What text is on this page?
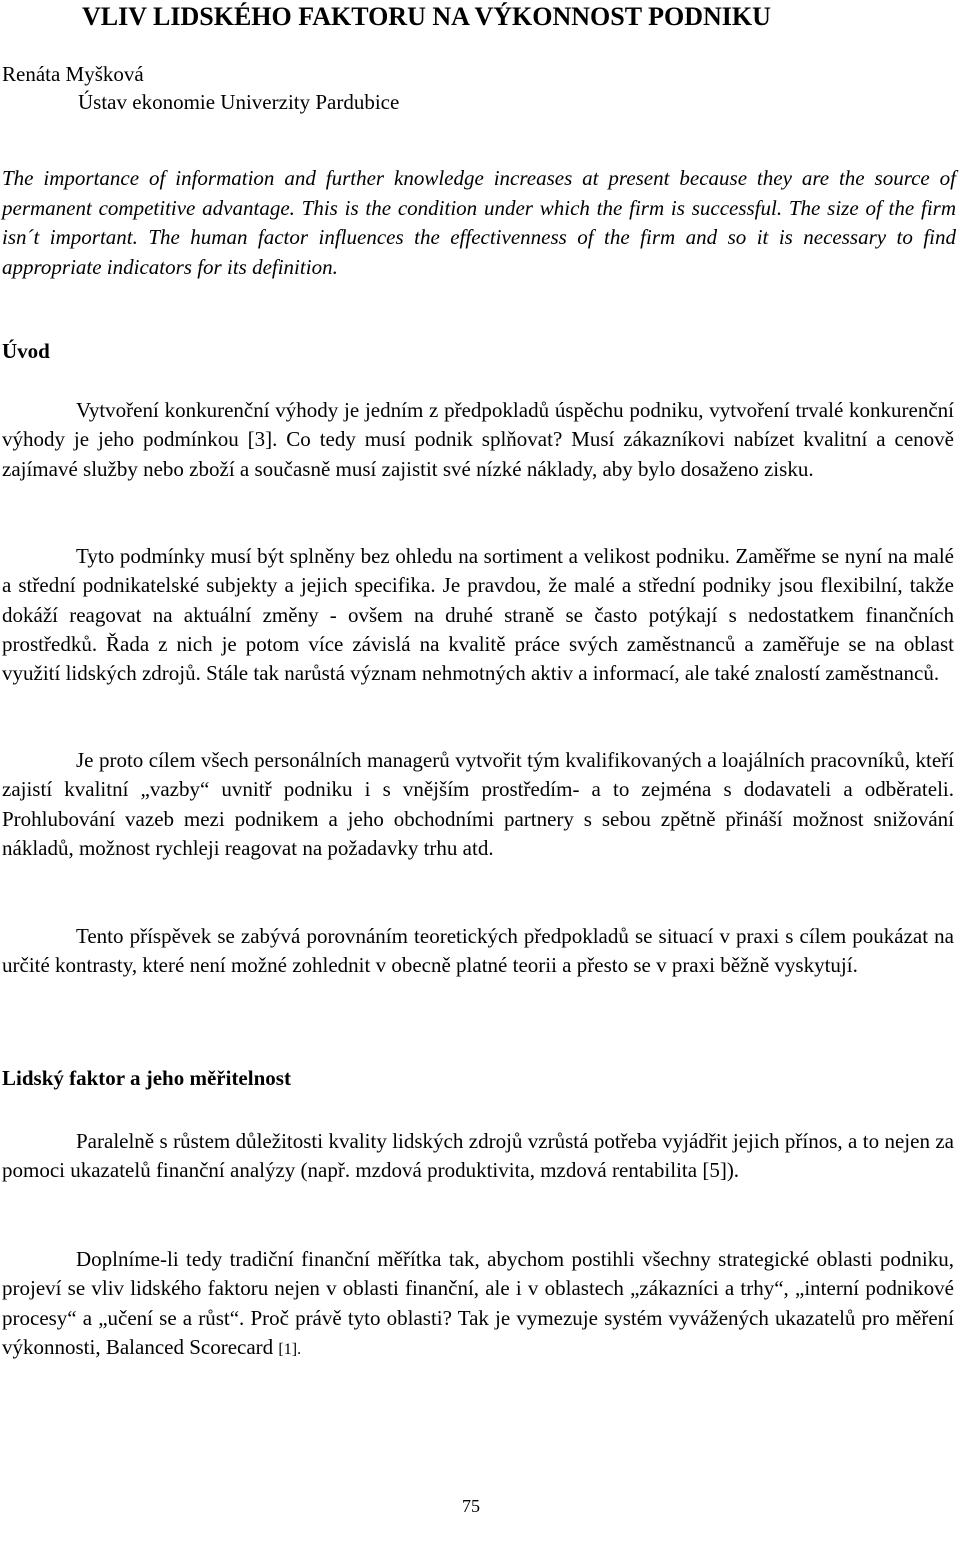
VLIV LIDSKÉHO FAKTORU NA VÝKONNOST PODNIKU
Renáta Myšková
Ústav ekonomie Univerzity Pardubice
The importance of information and further knowledge increases at present because they are the source of permanent competitive advantage. This is the condition under which the firm is successful. The size of the firm isn´t important. The human factor influences the effectivenness of the firm and so it is necessary to find appropriate indicators for its definition.
Úvod

Vytvoření konkurenční výhody je jedním z předpokladů úspěchu podniku, vytvoření trvalé konkurenční výhody je jeho podmínkou [3]. Co tedy musí podnik splňovat? Musí zákazníkovi nabízet kvalitní a cenově zajímavé služby nebo zboží a současně musí zajistit své nízké náklady, aby bylo dosaženo zisku.

Tyto podmínky musí být splněny bez ohledu na sortiment a velikost podniku. Zaměřme se nyní na malé a střední podnikatelské subjekty a jejich specifika. Je pravdou, že malé a střední podniky jsou flexibilní, takže dokáží reagovat na aktuální změny - ovšem na druhé straně se často potýkají s nedostatkem finančních prostředků. Řada z nich je potom více závislá na kvalitě práce svých zaměstnanců a zaměřuje se na oblast využití lidských zdrojů. Stále tak narůstá význam nehmotných aktiv a informací, ale také znalostí zaměstnanců.

Je proto cílem všech personálních managerů vytvořit tým kvalifikovaných a loajálních pracovníků, kteří zajistí kvalitní „vazby“ uvnitř podniku i s vnějším prostředím- a to zejména s dodavateli a odběrateli. Prohlubování vazeb mezi podnikem a jeho obchodními partnery s sebou zpětně přináší možnost snižování nákladů, možnost rychleji reagovat na požadavky trhu atd.

Tento příspěvek se zabývá porovnáním teoretických předpokladů se situací v praxi s cílem poukázat na určité kontrasty, které není možné zohlednit v obecně platné teorii a přesto se v praxi běžně vyskytují.

Lidský faktor a jeho měřitelnost

Paralelně s růstem důležitosti kvality lidských zdrojů vzrůstá potřeba vyjádřit jejich přínos, a to nejen za pomoci ukazatelů finanční analýzy (např. mzdová produktivita, mzdová rentabilita [5]).

Doplníme-li tedy tradiční finanční měřítka tak, abychom postihli všechny strategické oblasti podniku, projeví se vliv lidského faktoru nejen v oblasti finanční, ale i v oblastech „zákazníci a trhy“, „interní podnikové procesy“ a „učení se a růst“. Proč právě tyto oblasti? Tak je vymezuje systém vyvážených ukazatelů pro měření výkonnosti, Balanced Scorecard [1].

75
